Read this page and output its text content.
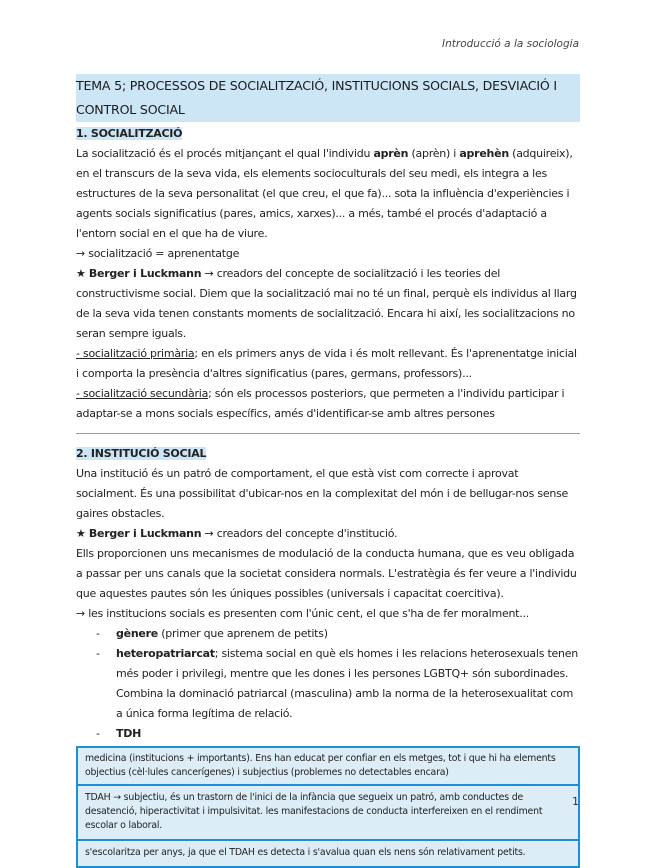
Introducció a la sociologia
TEMA 5; PROCESSOS DE SOCIALITZACIÓ, INSTITUCIONS SOCIALS, DESVIACIÓ I
CONTROL SOCIAL
1. SOCIALITZACIÓ

La socialització és el procés mitjançant el qual l'individu aprèn (aprèn) i aprehèn (adquireix), en el transcurs de la seva vida, els elements socioculturals del seu medi, els integra a les estructures de la seva personalitat (el que creu, el que fa)... sota la influència d'experiències i agents socials significatius (pares, amics, xarxes)... a més, també el procés d'adaptació a l'entorn social en el que ha de viure.

→ socialització = aprenentatge

★ Berger i Luckmann → creadors del concepte de socialització i les teories del constructivisme social. Diem que la socialització mai no té un final, perquè els individus al llarg de la seva vida tenen constants moments de socialització. Encara hi així, les socialitzacions no seran sempre iguals.

- socialització primària; en els primers anys de vida i és molt rellevant. És l'aprenentatge inicial i comporta la presència d'altres significatius (pares, germans, professors)...

- socialització secundària; són els processos posteriors, que permeten a l'individu participar i adaptar-se a mons socials específics, amés d'identificar-se amb altres persones

2. INSTITUCIÓ SOCIAL

Una institució és un patró de comportament, el que està vist com correcte i aprovat socialment. És una possibilitat d'ubicar-nos en la complexitat del món i de bellugar-nos sense gaires obstacles.

★ Berger i Luckmann → creadors del concepte d'institució.

Ells proporcionen uns mecanismes de modulació de la conducta humana, que es veu obligada a passar per uns canals que la societat considera normals. L'estratègia és fer veure a l'individu que aquestes pautes són les úniques possibles (universals i capacitat coercitiva).

→ les institucions socials es presenten com l'únic cent, el que s'ha de fer moralment...

- gènere (primer que aprenem de petits)
- heteropatriarcat; sistema social en què els homes i les relacions heterosexuals tenen més poder i privilegi, mentre que les dones i les persones LGBTQ+ són subordinades. Combina la dominació patriarcal (masculina) amb la norma de la heterosexualitat com a única forma legítima de relació.
- TDH
medicina (institucions + importants). Ens han educat per confiar en els metges, tot i que hi ha elements objectius (cèl·lules cancerígenes) i subjectius (problemes no detectables encara)
TDAH → subjectiu, és un trastorn de l'inici de la infància que segueix un patró, amb conductes de desatenció, hiperactivitat i impulsivitat. les manifestacions de conducta interfereixen en el rendiment escolar o laboral.
s'escolaritza per anys, ja que el TDAH es detecta i s'avalua quan els nens són relativament petits.
1
